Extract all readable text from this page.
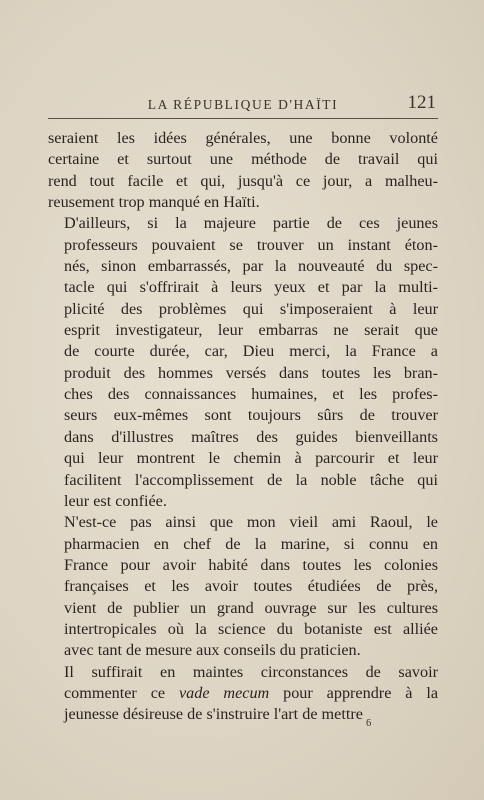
LA RÉPUBLIQUE D'HAÏTI	121

seraient les idées générales, une bonne volonté
certaine et surtout une méthode de travail qui
rend tout facile et qui, jusqu'à ce jour, a malheu-
reusement trop manqué en Haïti.

D'ailleurs, si la majeure partie de ces jeunes
professeurs pouvaient se trouver un instant éton-
nés, sinon embarrassés, par la nouveauté du spec-
tacle qui s'offrirait à leurs yeux et par la multi-
plicité des problèmes qui s'imposeraient à leur
esprit investigateur, leur embarras ne serait que
de courte durée, car, Dieu merci, la France a
produit des hommes versés dans toutes les bran-
ches des connaissances humaines, et les profes-
seurs eux-mêmes sont toujours sûrs de trouver
dans d'illustres maîtres des guides bienveillants
qui leur montrent le chemin à parcourir et leur
facilitent l'accomplissement de la noble tâche qui
leur est confiée.

N'est-ce pas ainsi que mon vieil ami Raoul, le
pharmacien en chef de la marine, si connu en
France pour avoir habité dans toutes les colonies
françaises et les avoir toutes étudiées de près,
vient de publier un grand ouvrage sur les cultures
intertropicales où la science du botaniste est alliée
avec tant de mesure aux conseils du praticien.

Il suffirait en maintes circonstances de savoir
commenter ce vade mecum pour apprendre à la
jeunesse désireuse de s'instruire l'art de mettre

6
